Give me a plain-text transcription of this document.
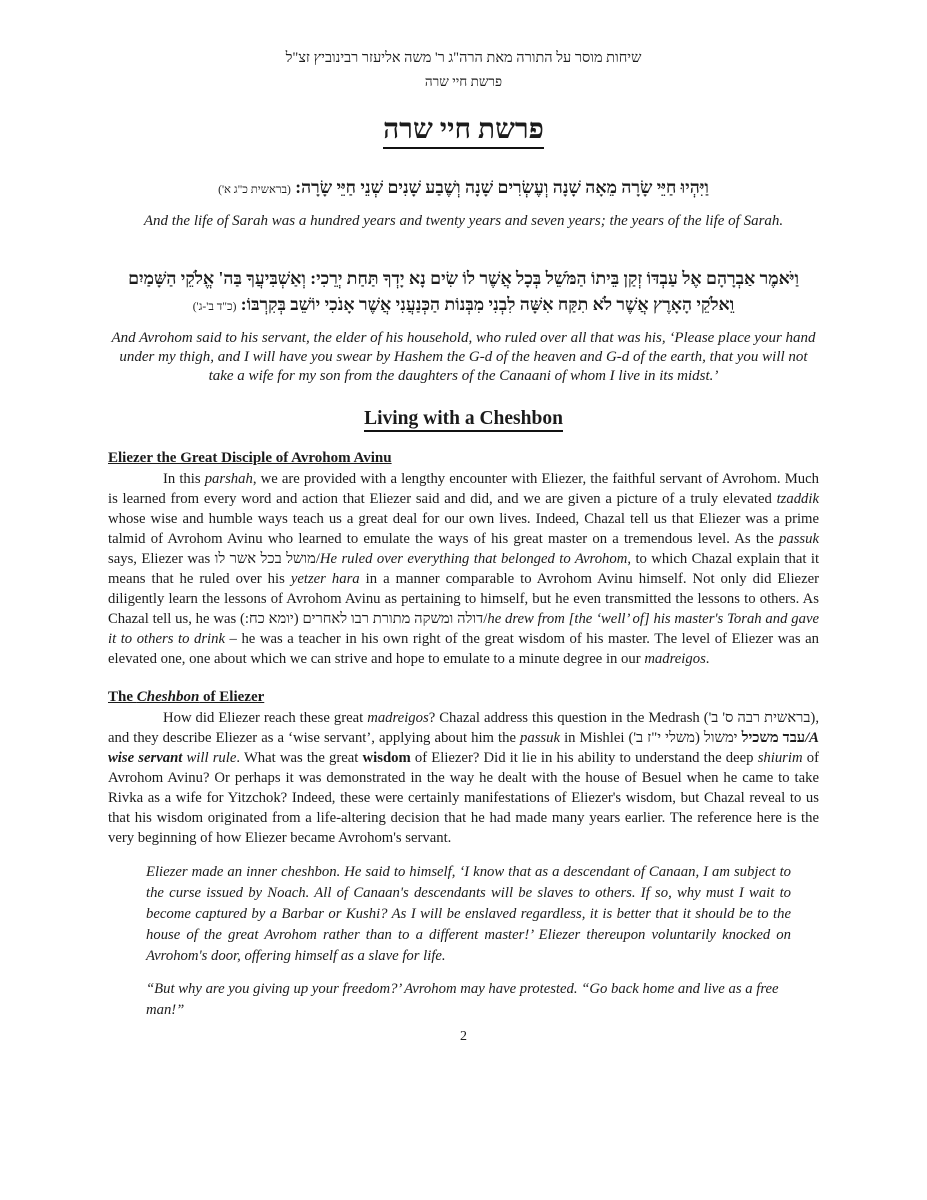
שיחות מוסר על התורה מאת הרה"ג ר' משה אליעזר רבינוביץ זצ"ל
פרשת חיי שרה
פרשת חיי שרה
וַיִּהְיוּ חַיֵּי שָׂרָה מֵאָה שָׁנָה וְעֶשְׂרִים שָׁנָה וְשֶׁבַע שָׁנִים שְׁנֵי חַיֵּי שָׂרָה: (בראשית כ"ג א')
And the life of Sarah was a hundred years and twenty years and seven years; the years of the life of Sarah.
וַיֹּאמֶר אַבְרָהָם אֶל עַבְדּוֹ זְקַן בֵּיתוֹ הַמֹּשֵׁל בְּכָל אֲשֶׁר לוֹ שִׂים נָא יָדְךָ תַּחַת יְרֵכִי: וְאַשְׁבִּיעֲךָ בַּה' אֱלֹקֵי הַשָּׁמַיִם וֵאלֹקֵי הָאָרֶץ אֲשֶׁר לֹא תִקַּח אִשָּׁה לִבְנִי מִבְּנוֹת הַכְּנַעֲנִי אֲשֶׁר אָנֹכִי יוֹשֵׁב בְּקִרְבּוֹ: (כ"ד ב'-ג')
And Avrohom said to his servant, the elder of his household, who ruled over all that was his, ‘Please place your hand under my thigh, and I will have you swear by Hashem the G-d of the heaven and G-d of the earth, that you will not take a wife for my son from the daughters of the Canaani of whom I live in its midst.’
Living with a Cheshbon
Eliezer the Great Disciple of Avrohom Avinu
In this parshah, we are provided with a lengthy encounter with Eliezer, the faithful servant of Avrohom. Much is learned from every word and action that Eliezer said and did, and we are given a picture of a truly elevated tzaddik whose wise and humble ways teach us a great deal for our own lives. Indeed, Chazal tell us that Eliezer was a prime talmid of Avrohom Avinu who learned to emulate the ways of his great master on a tremendous level. As the passuk says, Eliezer was מושל בכל אשר לו/He ruled over everything that belonged to Avrohom, to which Chazal explain that it means that he ruled over his yetzer hara in a manner comparable to Avrohom Avinu himself. Not only did Eliezer diligently learn the lessons of Avrohom Avinu as pertaining to himself, but he even transmitted the lessons to others. As Chazal tell us, he was דולה ומשקה מתורת רבו לאחרים (יומא כח:)/he drew from [the ‘well’ of] his master's Torah and gave it to others to drink – he was a teacher in his own right of the great wisdom of his master. The level of Eliezer was an elevated one, one about which we can strive and hope to emulate to a minute degree in our madreigos.
The Cheshbon of Eliezer
How did Eliezer reach these great madreigos? Chazal address this question in the Medrash (בראשית רבה ס' ב'), and they describe Eliezer as a ‘wise servant’, applying about him the passuk in Mishlei	עבד משכיל ימשול (משלי י"ז ב')	/A wise servant will rule. What was the great wisdom of Eliezer? Did it lie in his ability to understand the deep shiurim of Avrohom Avinu? Or perhaps it was demonstrated in the way he dealt with the house of Besuel when he came to take Rivka as a wife for Yitzchok? Indeed, these were certainly manifestations of Eliezer's wisdom, but Chazal reveal to us that his wisdom originated from a life-altering decision that he had made many years earlier. The reference here is the very beginning of how Eliezer became Avrohom's servant.
Eliezer made an inner cheshbon. He said to himself, ‘I know that as a descendant of Canaan, I am subject to the curse issued by Noach. All of Canaan's descendants will be slaves to others. If so, why must I wait to become captured by a Barbar or Kushi? As I will be enslaved regardless, it is better that it should be to the house of the great Avrohom rather than to a different master!’ Eliezer thereupon voluntarily knocked on Avrohom's door, offering himself as a slave for life.
“But why are you giving up your freedom?’ Avrohom may have protested. “Go back home and live as a free man!”
2
